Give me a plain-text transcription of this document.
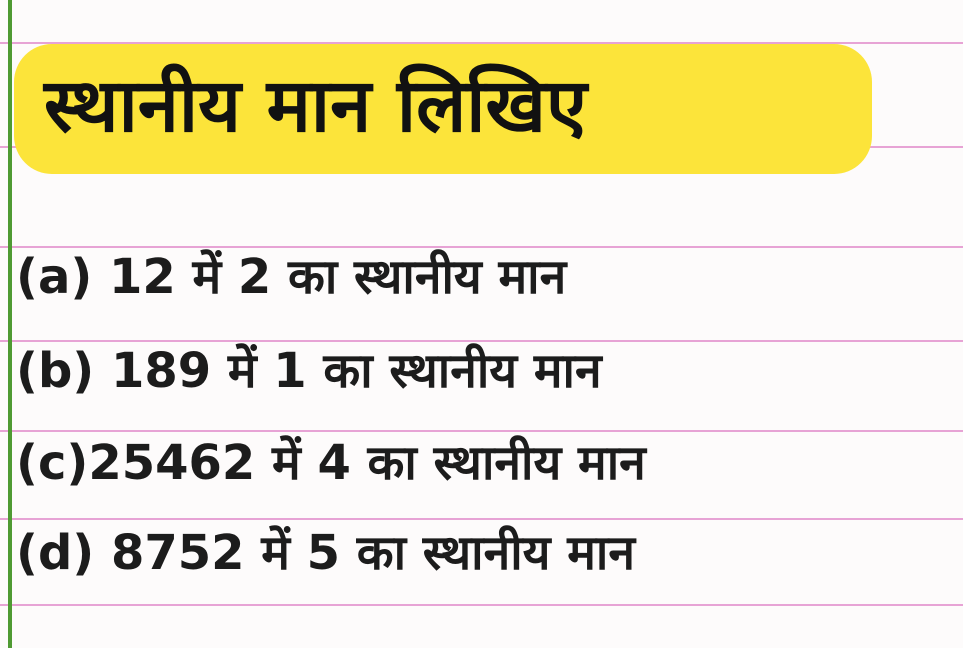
स्थानीय मान लिखिए
(a) 12 में 2 का स्थानीय मान
(b) 189 में 1 का स्थानीय मान
(c)25462 में 4 का स्थानीय मान
(d) 8752 में 5 का स्थानीय मान
